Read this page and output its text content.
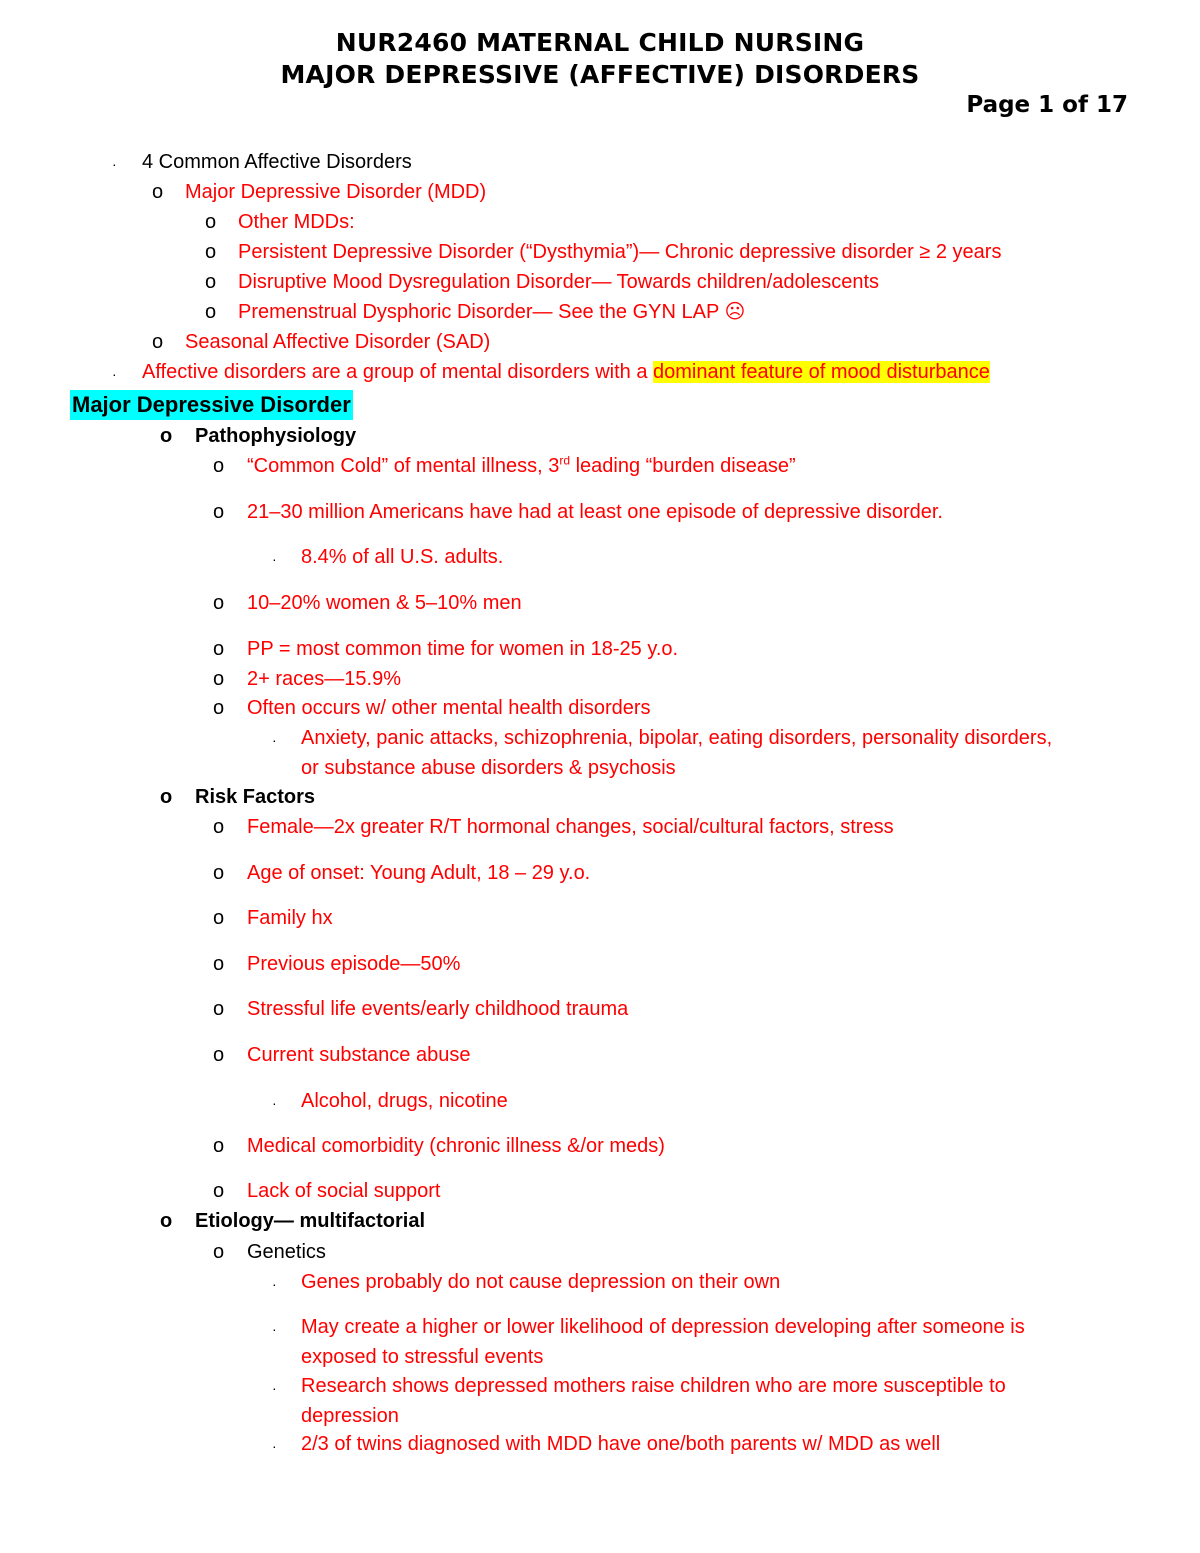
NUR2460 MATERNAL CHILD NURSING
MAJOR DEPRESSIVE (AFFECTIVE) DISORDERS
Page 1 of 17
· 4 Common Affective Disorders
o Major Depressive Disorder (MDD)
o Other MDDs:
o Persistent Depressive Disorder (“Dysthymia”)— Chronic depressive disorder ≥ 2 years
o Disruptive Mood Dysregulation Disorder— Towards children/adolescents
o Premenstrual Dysphoric Disorder— See the GYN LAP ☹
o Seasonal Affective Disorder (SAD)
· Affective disorders are a group of mental disorders with a dominant feature of mood disturbance
Major Depressive Disorder
o Pathophysiology
o “Common Cold” of mental illness, 3rd leading “burden disease”
o 21–30 million Americans have had at least one episode of depressive disorder.
· 8.4% of all U.S. adults.
o 10–20% women & 5–10% men
o PP = most common time for women in 18-25 y.o.
o 2+ races—15.9%
o Often occurs w/ other mental health disorders
· Anxiety, panic attacks, schizophrenia, bipolar, eating disorders, personality disorders,
or substance abuse disorders & psychosis
o Risk Factors
o Female—2x greater R/T hormonal changes, social/cultural factors, stress
o Age of onset: Young Adult, 18 – 29 y.o.
o Family hx
o Previous episode—50%
o Stressful life events/early childhood trauma
o Current substance abuse
· Alcohol, drugs, nicotine
o Medical comorbidity (chronic illness &/or meds)
o Lack of social support
o Etiology— multifactorial
o Genetics
· Genes probably do not cause depression on their own
· May create a higher or lower likelihood of depression developing after someone is
exposed to stressful events
· Research shows depressed mothers raise children who are more susceptible to
depression
· 2/3 of twins diagnosed with MDD have one/both parents w/ MDD as well
